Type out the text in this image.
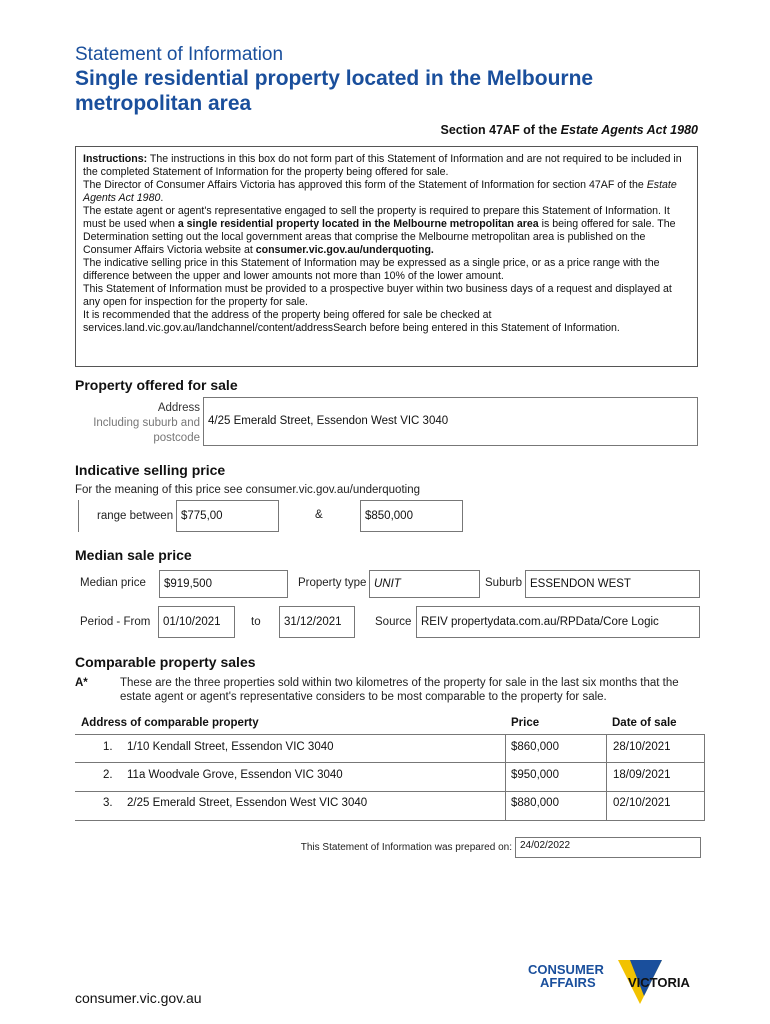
Statement of Information
Single residential property located in the Melbourne metropolitan area
Section 47AF of the Estate Agents Act 1980

Instructions: The instructions in this box do not form part of this Statement of Information and are not required to be included in the completed Statement of Information for the property being offered for sale.

The Director of Consumer Affairs Victoria has approved this form of the Statement of Information for section 47AF of the Estate Agents Act 1980.

The estate agent or agent's representative engaged to sell the property is required to prepare this Statement of Information. It must be used when a single residential property located in the Melbourne metropolitan area is being offered for sale. The Determination setting out the local government areas that comprise the Melbourne metropolitan area is published on the Consumer Affairs Victoria website at consumer.vic.gov.au/underquoting.

The indicative selling price in this Statement of Information may be expressed as a single price, or as a price range with the difference between the upper and lower amounts not more than 10% of the lower amount.

This Statement of Information must be provided to a prospective buyer within two business days of a request and displayed at any open for inspection for the property for sale.

It is recommended that the address of the property being offered for sale be checked at services.land.vic.gov.au/landchannel/content/addressSearch before being entered in this Statement of Information.

Property offered for sale
Address
Including suburb and
postcode
4/25 Emerald Street, Essendon West VIC 3040
Indicative selling price
For the meaning of this price see consumer.vic.gov.au/underquoting
range between $775,00	&	$850,000
Median sale price
Median price $919,500	Property type UNIT	Suburb ESSENDON WEST
Period - From 01/10/2021	to 31/12/2021	Source REIV propertydata.com.au/RPData/Core Logic
Comparable property sales
A*	These are the three properties sold within two kilometres of the property for sale in the last six months that the estate agent or agent's representative considers to be most comparable to the property for sale.
Address of comparable property	Price	Date of sale
1. 1/10 Kendall Street, Essendon VIC 3040	$860,000	28/10/2021
2. 11a Woodvale Grove, Essendon VIC 3040	$950,000	18/09/2021
3. 2/25 Emerald Street, Essendon West VIC 3040	$880,000	02/10/2021
This Statement of Information was prepared on: 24/02/2022
consumer.vic.gov.au
CONSUMER
AFFAIRS VICTORIA
